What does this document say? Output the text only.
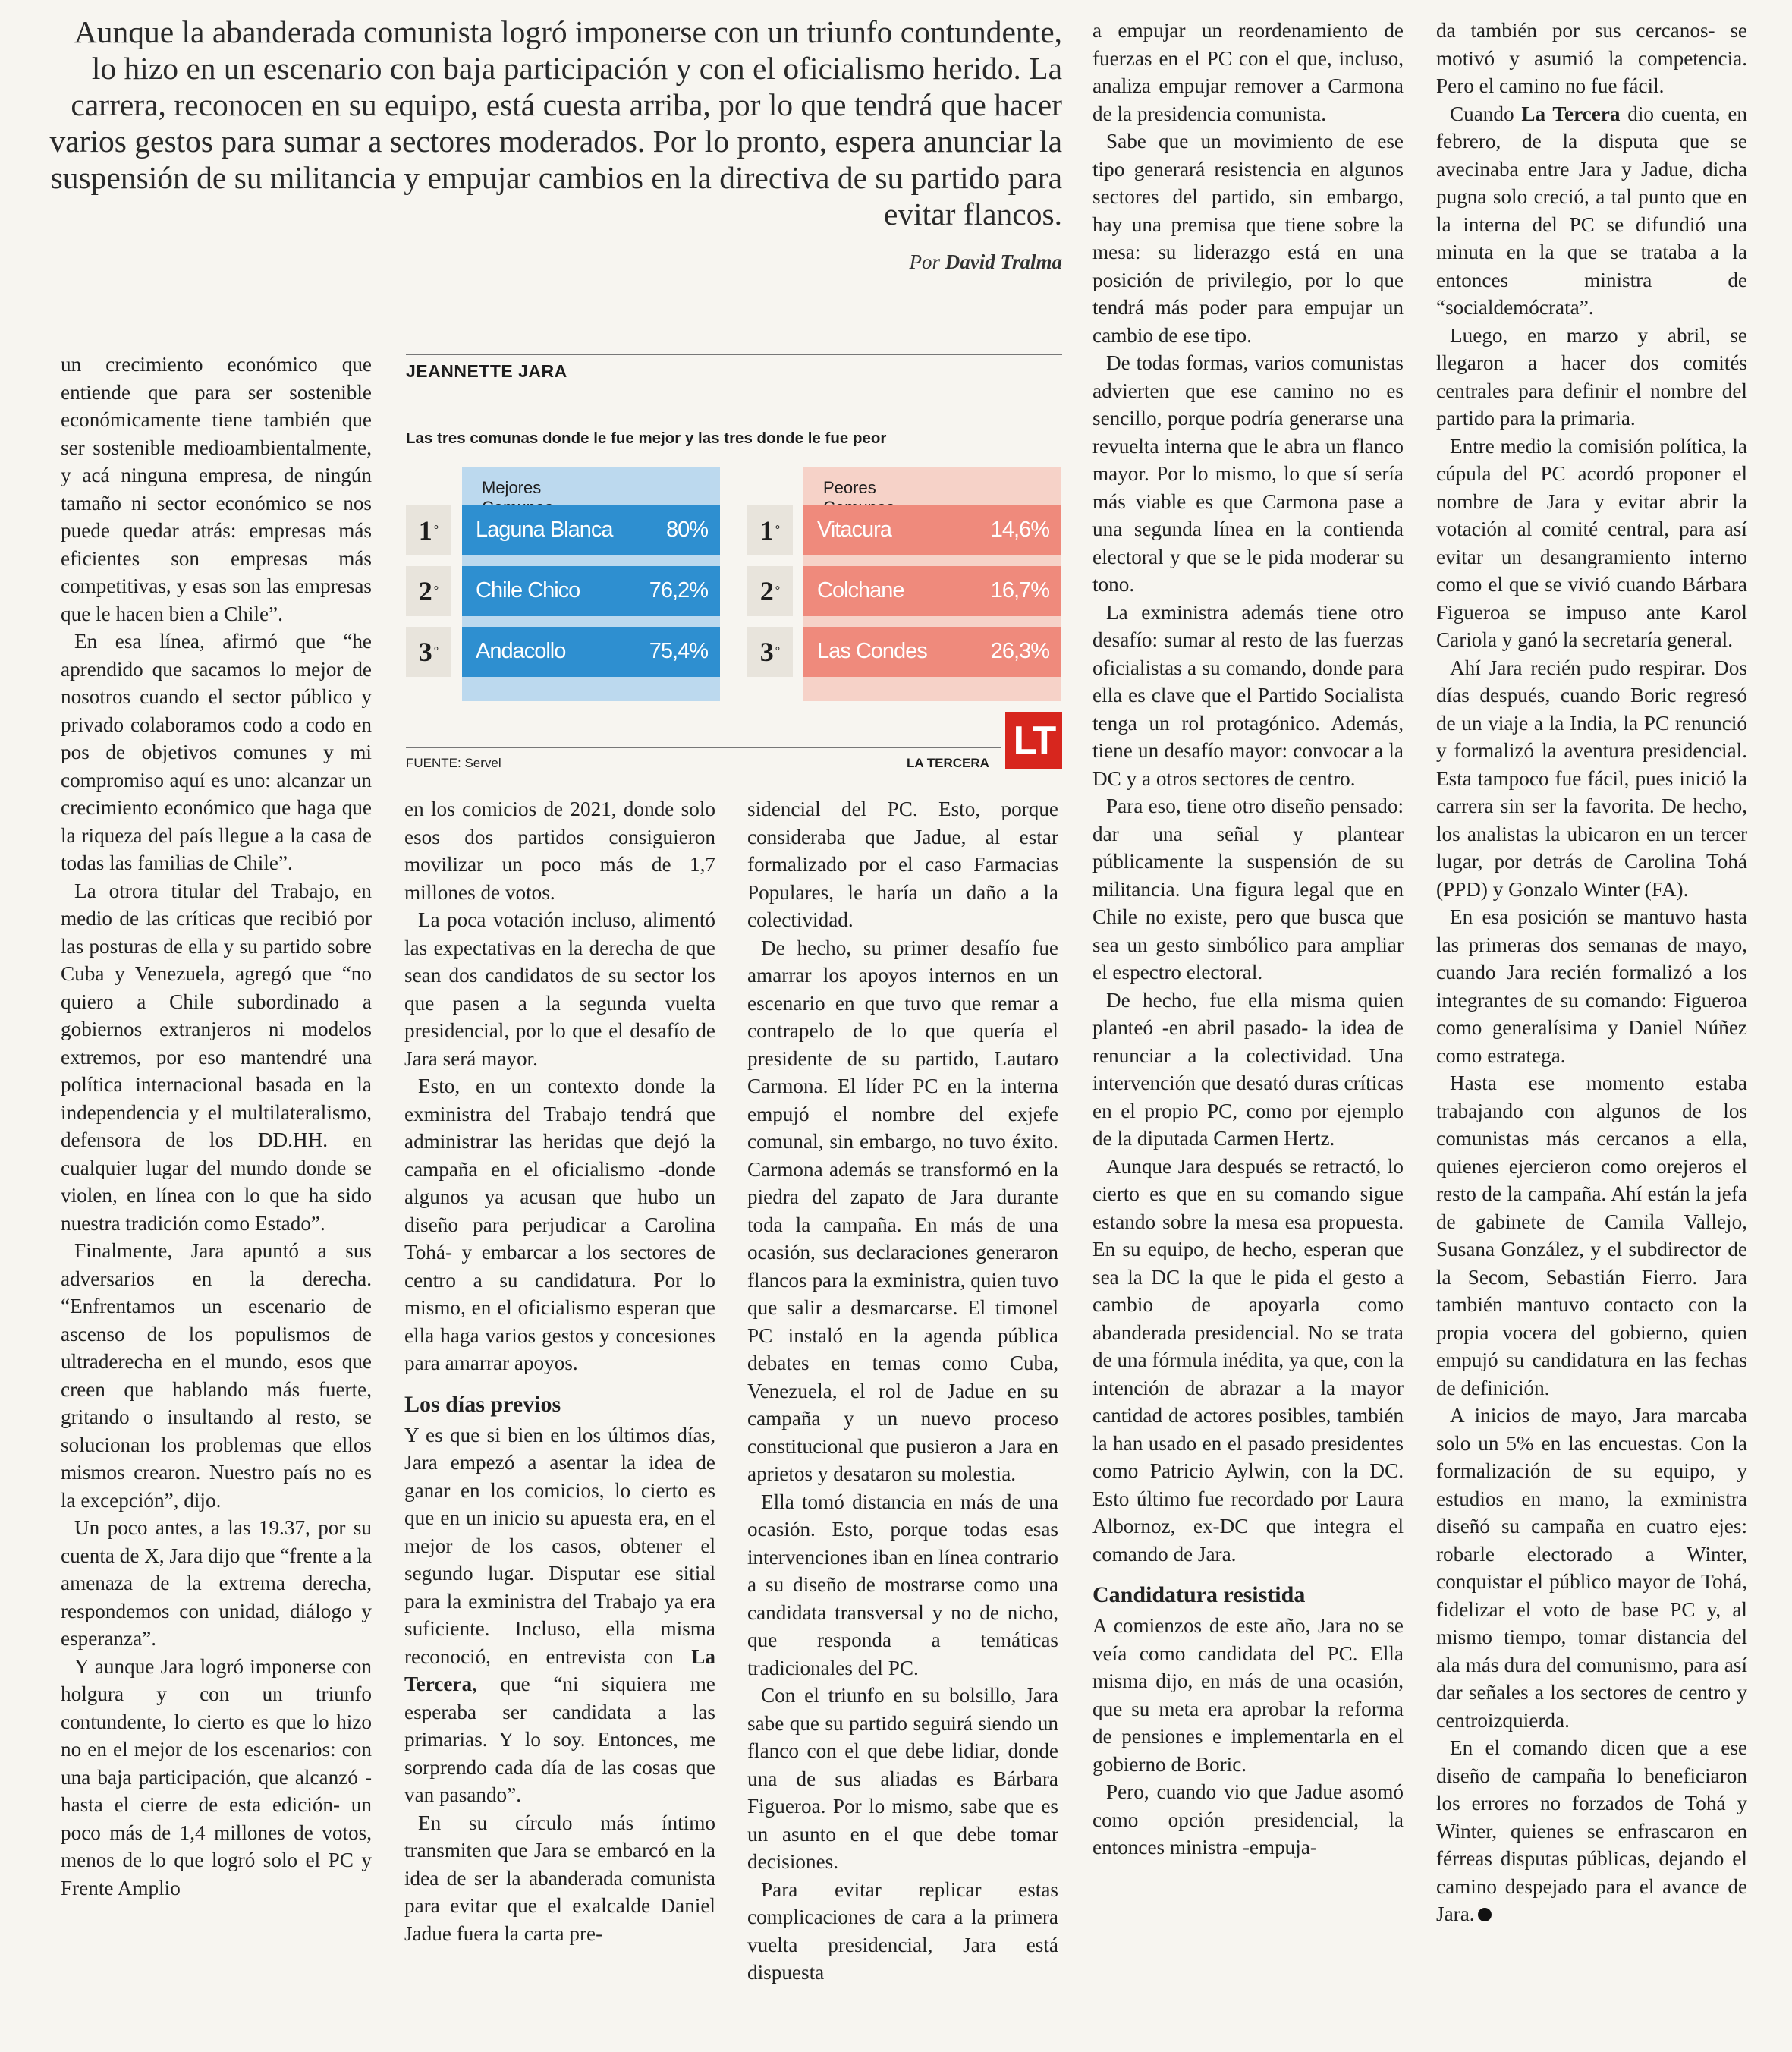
Aunque la abanderada comunista logró imponerse con un triunfo contundente, lo hizo en un escenario con baja participación y con el oficialismo herido. La carrera, reconocen en su equipo, está cuesta arriba, por lo que tendrá que hacer varios gestos para sumar a sectores moderados. Por lo pronto, espera anunciar la suspensión de su militancia y empujar cambios en la directiva de su partido para evitar flancos.
Por David Tralma
JEANNETTE JARA
Las tres comunas donde le fue mejor y las tres donde le fue peor
Mejores
1 ° Laguna Blanca 80%
2 ° Chile Chico	76,2%
3 ° Andacollo	75,4%
Peores
1 ° Vitacura	14,6%
2 ° Colchane	16,7%
3 ° Las Condes	26,3%
FUENTE: Servel	LA TERCERA
LT

un crecimiento económico que entiende que para ser sostenible económicamente tiene también que ser sostenible medioambientalmente, y acá ninguna empresa, de ningún tamaño ni sector económico se nos puede quedar atrás: empresas más eficientes son empresas más competitivas, y esas son las empresas que le hacen bien a Chile”.

En esa línea, afirmó que “he aprendido que sacamos lo mejor de nosotros cuando el sector público y privado colaboramos codo a codo en pos de objetivos comunes y mi compromiso aquí es uno: alcanzar un crecimiento económico que haga que la riqueza del país llegue a la casa de todas las familias de Chile”.

La otrora titular del Trabajo, en medio de las críticas que recibió por las posturas de ella y su partido sobre Cuba y Venezuela, agregó que “no quiero a Chile subordinado a gobiernos extranjeros ni modelos extremos, por eso mantendré una política internacional basada en la independencia y el multilateralismo, defensora de los DD.HH. en cualquier lugar del mundo donde se violen, en línea con lo que ha sido nuestra tradición como Estado”.

Finalmente, Jara apuntó a sus adversarios en la derecha. “Enfrentamos un escenario de ascenso de los populismos de ultraderecha en el mundo, esos que creen que hablando más fuerte, gritando o insultando al resto, se solucionan los problemas que ellos mismos crearon. Nuestro país no es la excepción”, dijo.

Un poco antes, a las 19.37, por su cuenta de X, Jara dijo que “frente a la amenaza de la extrema derecha, respondemos con unidad, diálogo y esperanza”.

Y aunque Jara logró imponerse con holgura y con un triunfo contundente, lo cierto es que lo hizo no en el mejor de los escenarios: con una baja participación, que alcanzó -hasta el cierre de esta edición- un poco más de 1,4 millones de votos, menos de lo que logró solo el PC y Frente Amplio

en los comicios de 2021, donde solo esos dos partidos consiguieron movilizar un poco más de 1,7 millones de votos.

La poca votación incluso, alimentó las expectativas en la derecha de que sean dos candidatos de su sector los que pasen a la segunda vuelta presidencial, por lo que el desafío de Jara será mayor.

Esto, en un contexto donde la exministra del Trabajo tendrá que administrar las heridas que dejó la campaña en el oficialismo -donde algunos ya acusan que hubo un diseño para perjudicar a Carolina Tohá- y embarcar a los sectores de centro a su candidatura. Por lo mismo, en el oficialismo esperan que ella haga varios gestos y concesiones para amarrar apoyos.

Los días previos

Y es que si bien en los últimos días, Jara empezó a asentar la idea de ganar en los comicios, lo cierto es que en un inicio su apuesta era, en el mejor de los casos, obtener el segundo lugar. Disputar ese sitial para la exministra del Trabajo ya era suficiente. Incluso, ella misma reconoció, en entrevista con La Tercera, que “ni siquiera me esperaba ser candidata a las primarias. Y lo soy. Entonces, me sorprendo cada día de las cosas que van pasando”.

En su círculo más íntimo transmiten que Jara se embarcó en la idea de ser la abanderada comunista para evitar que el exalcalde Daniel Jadue fuera la carta pre-

sidencial del PC. Esto, porque consideraba que Jadue, al estar formalizado por el caso Farmacias Populares, le haría un daño a la colectividad.

De hecho, su primer desafío fue amarrar los apoyos internos en un escenario en que tuvo que remar a contrapelo de lo que quería el presidente de su partido, Lautaro Carmona. El líder PC en la interna empujó el nombre del exjefe comunal, sin embargo, no tuvo éxito. Carmona además se transformó en la piedra del zapato de Jara durante toda la campaña. En más de una ocasión, sus declaraciones generaron flancos para la exministra, quien tuvo que salir a desmarcarse. El timonel PC instaló en la agenda pública debates en temas como Cuba, Venezuela, el rol de Jadue en su campaña y un nuevo proceso constitucional que pusieron a Jara en aprietos y desataron su molestia.

Ella tomó distancia en más de una ocasión. Esto, porque todas esas intervenciones iban en línea contrario a su diseño de mostrarse como una candidata transversal y no de nicho, que responda a temáticas tradicionales del PC.

Con el triunfo en su bolsillo, Jara sabe que su partido seguirá siendo un flanco con el que debe lidiar, donde una de sus aliadas es Bárbara Figueroa. Por lo mismo, sabe que es un asunto en el que debe tomar decisiones.

Para evitar replicar estas complicaciones de cara a la primera vuelta presidencial, Jara está dispuesta

a empujar un reordenamiento de fuerzas en el PC con el que, incluso, analiza empujar remover a Carmona de la presidencia comunista.

Sabe que un movimiento de ese tipo generará resistencia en algunos sectores del partido, sin embargo, hay una premisa que tiene sobre la mesa: su liderazgo está en una posición de privilegio, por lo que tendrá más poder para empujar un cambio de ese tipo.

De todas formas, varios comunistas advierten que ese camino no es sencillo, porque podría generarse una revuelta interna que le abra un flanco mayor. Por lo mismo, lo que sí sería más viable es que Carmona pase a una segunda línea en la contienda electoral y que se le pida moderar su tono.

La exministra además tiene otro desafío: sumar al resto de las fuerzas oficialistas a su comando, donde para ella es clave que el Partido Socialista tenga un rol protagónico. Además, tiene un desafío mayor: convocar a la DC y a otros sectores de centro.

Para eso, tiene otro diseño pensado: dar una señal y plantear públicamente la suspensión de su militancia. Una figura legal que en Chile no existe, pero que busca que sea un gesto simbólico para ampliar el espectro electoral.

De hecho, fue ella misma quien planteó -en abril pasado- la idea de renunciar a la colectividad. Una intervención que desató duras críticas en el propio PC, como por ejemplo de la diputada Carmen Hertz.

Aunque Jara después se retractó, lo cierto es que en su comando sigue estando sobre la mesa esa propuesta. En su equipo, de hecho, esperan que sea la DC la que le pida el gesto a cambio de apoyarla como abanderada presidencial. No se trata de una fórmula inédita, ya que, con la intención de abrazar a la mayor cantidad de actores posibles, también la han usado en el pasado presidentes como Patricio Aylwin, con la DC. Esto último fue recordado por Laura Albornoz, ex-DC que integra el comando de Jara.

Candidatura resistida

A comienzos de este año, Jara no se veía como candidata del PC. Ella misma dijo, en más de una ocasión, que su meta era aprobar la reforma de pensiones e implementarla en el gobierno de Boric.

Pero, cuando vio que Jadue asomó como opción presidencial, la entonces ministra -empuja-

da también por sus cercanos- se motivó y asumió la competencia. Pero el camino no fue fácil.

Cuando La Tercera dio cuenta, en febrero, de la disputa que se avecinaba entre Jara y Jadue, dicha pugna solo creció, a tal punto que en la interna del PC se difundió una minuta en la que se trataba a la entonces ministra de “socialdemócrata”.

Luego, en marzo y abril, se llegaron a hacer dos comités centrales para definir el nombre del partido para la primaria.

Entre medio la comisión política, la cúpula del PC acordó proponer el nombre de Jara y evitar abrir la votación al comité central, para así evitar un desangramiento interno como el que se vivió cuando Bárbara Figueroa se impuso ante Karol Cariola y ganó la secretaría general.

Ahí Jara recién pudo respirar. Dos días después, cuando Boric regresó de un viaje a la India, la PC renunció y formalizó la aventura presidencial. Esta tampoco fue fácil, pues inició la carrera sin ser la favorita. De hecho, los analistas la ubicaron en un tercer lugar, por detrás de Carolina Tohá (PPD) y Gonzalo Winter (FA).

En esa posición se mantuvo hasta las primeras dos semanas de mayo, cuando Jara recién formalizó a los integrantes de su comando: Figueroa como generalísima y Daniel Núñez como estratega.

Hasta ese momento estaba trabajando con algunos de los comunistas más cercanos a ella, quienes ejercieron como orejeros el resto de la campaña. Ahí están la jefa de gabinete de Camila Vallejo, Susana González, y el subdirector de la Secom, Sebastián Fierro. Jara también mantuvo contacto con la propia vocera del gobierno, quien empujó su candidatura en las fechas de definición.

A inicios de mayo, Jara marcaba solo un 5% en las encuestas. Con la formalización de su equipo, y estudios en mano, la exministra diseñó su campaña en cuatro ejes: robarle electorado a Winter, conquistar el público mayor de Tohá, fidelizar el voto de base PC y, al mismo tiempo, tomar distancia del ala más dura del comunismo, para así dar señales a los sectores de centro y centroizquierda.

En el comando dicen que a ese diseño de campaña lo beneficiaron los errores no forzados de Tohá y Winter, quienes se enfrascaron en férreas disputas públicas, dejando el camino despejado para el avance de Jara.
